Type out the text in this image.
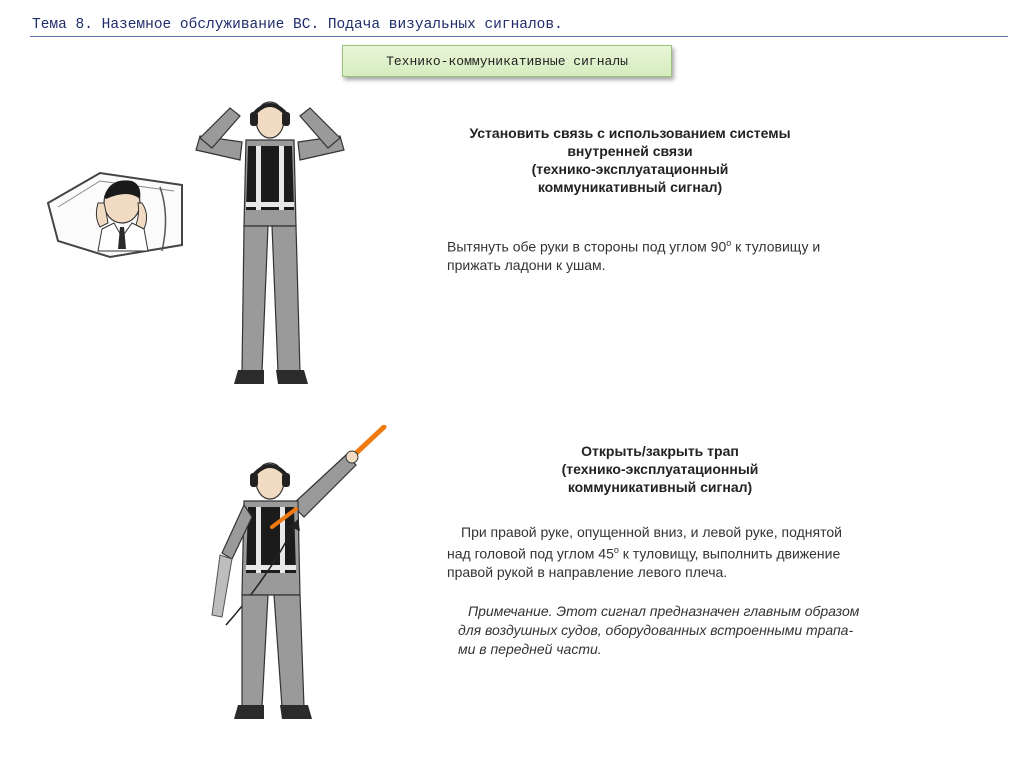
Тема 8. Наземное обслуживание ВС. Подача визуальных сигналов.
Технико-коммуникативные сигналы
Установить связь с использованием системы
внутренней связи
(технико-эксплуатационный
коммуникативный сигнал)
Вытянуть обе руки в стороны под углом 90$^o$ к туловищу и
прижать ладони к ушам.
Открыть/закрыть трап
(технико-эксплуатационный
коммуникативный сигнал)
При правой руке, опущенной вниз, и левой руке, поднятой
над головой под углом 45$^o$ к туловищу, выполнить движение
правой рукой в направление левого плеча.
Примечание. Этот сигнал предназначен главным образом
для воздушных судов, оборудованных встроенными трапа-
ми в передней части.
